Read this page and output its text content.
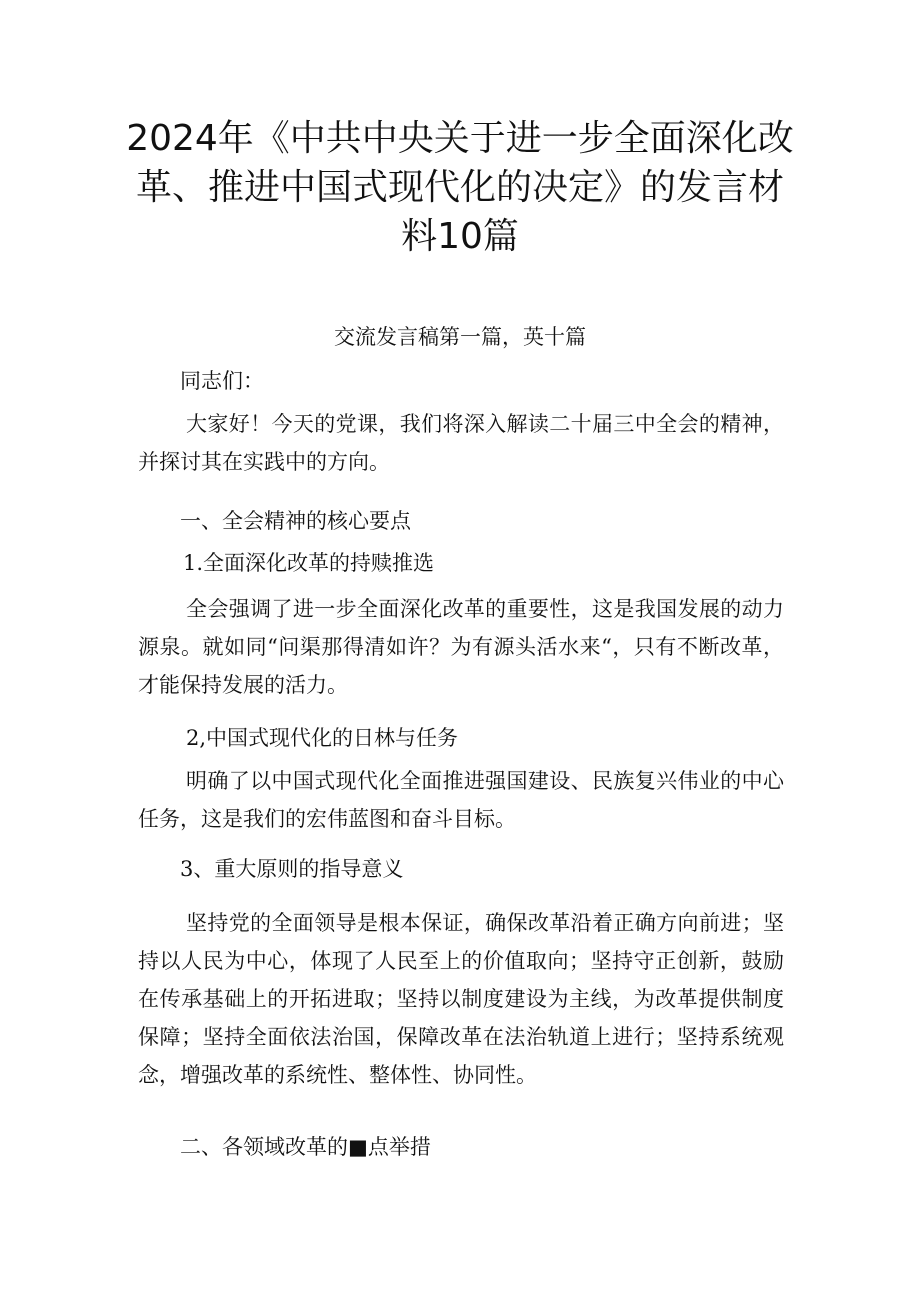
2024年《中共中央关于进一步全面深化改革、推进中国式现代化的决定》的发言材料10篇
交流发言稿第一篇，英十篇
同志们：
大家好！今天的党课，我们将深入解读二十届三中全会的精神，并探讨其在实践中的方向。
一、全会精神的核心要点
1.全面深化改革的持赎推选
全会强调了进一步全面深化改革的重要性，这是我国发展的动力源泉。就如同“问渠那得清如许？为有源头活水来“，只有不断改革，才能保持发展的活力。
2,中国式现代化的日林与任务
明确了以中国式现代化全面推进强国建设、民族复兴伟业的中心任务，这是我们的宏伟蓝图和奋斗目标。
3、重大原则的指导意义
坚持党的全面领导是根本保证，确保改革沿着正确方向前进；坚持以人民为中心，体现了人民至上的价值取向；坚持守正创新，鼓励在传承基础上的开拓进取；坚持以制度建设为主线，为改革提供制度保障；坚持全面依法治国，保障改革在法治轨道上进行；坚持系统观念，增强改革的系统性、整体性、协同性。
二、各领域改革的■点举措
